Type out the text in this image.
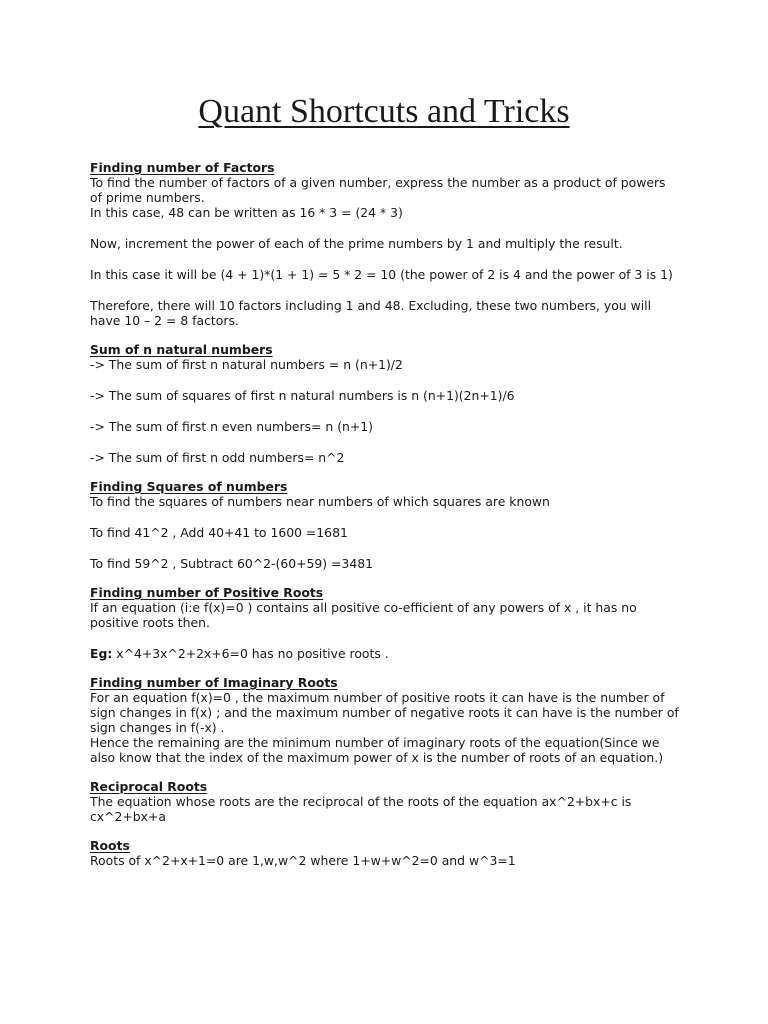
Quant Shortcuts and Tricks
Finding number of Factors

To find the number of factors of a given number, express the number as a product of powers of prime numbers.

In this case, 48 can be written as 16 * 3 = (24 * 3)

Now, increment the power of each of the prime numbers by 1 and multiply the result.

In this case it will be (4 + 1)*(1 + 1) = 5 * 2 = 10 (the power of 2 is 4 and the power of 3 is 1)

Therefore, there will 10 factors including 1 and 48. Excluding, these two numbers, you will have 10 – 2 = 8 factors.

Sum of n natural numbers

-> The sum of first n natural numbers = n (n+1)/2

-> The sum of squares of first n natural numbers is n (n+1)(2n+1)/6

-> The sum of first n even numbers= n (n+1)

-> The sum of first n odd numbers= n^2

Finding Squares of numbers

To find the squares of numbers near numbers of which squares are known

To find 41^2 , Add 40+41 to 1600 =1681

To find 59^2 , Subtract 60^2-(60+59) =3481

Finding number of Positive Roots

If an equation (i:e f(x)=0 ) contains all positive co-efficient of any powers of x , it has no positive roots then.

Eg: x^4+3x^2+2x+6=0 has no positive roots .

Finding number of Imaginary Roots

For an equation f(x)=0 , the maximum number of positive roots it can have is the number of sign changes in f(x) ; and the maximum number of negative roots it can have is the number of sign changes in f(-x) .

Hence the remaining are the minimum number of imaginary roots of the equation(Since we also know that the index of the maximum power of x is the number of roots of an equation.)

Reciprocal Roots

The equation whose roots are the reciprocal of the roots of the equation ax^2+bx+c is cx^2+bx+a

Roots

Roots of x^2+x+1=0 are 1,w,w^2 where 1+w+w^2=0 and w^3=1
